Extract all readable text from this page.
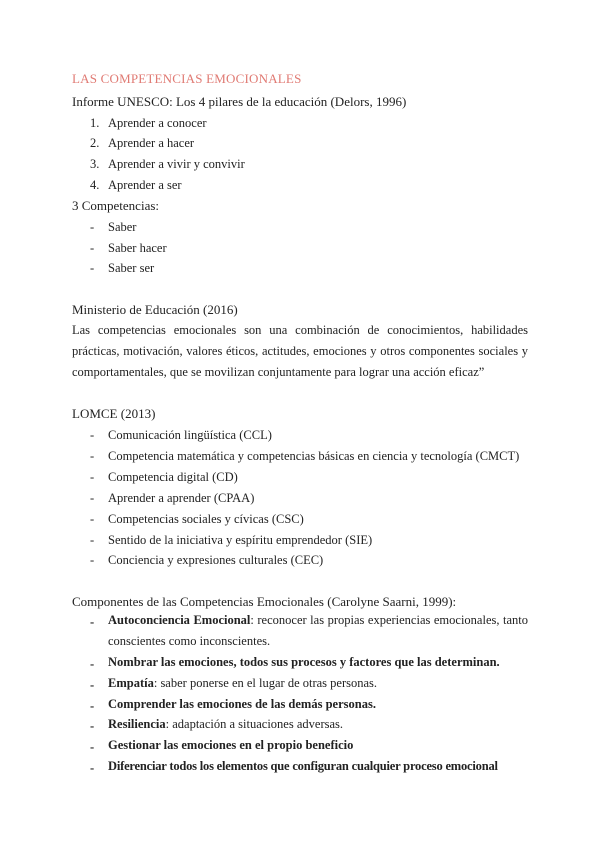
LAS COMPETENCIAS EMOCIONALES
Informe UNESCO: Los 4 pilares de la educación (Delors, 1996)
1. Aprender a conocer
2. Aprender a hacer
3. Aprender a vivir y convivir
4. Aprender a ser
3 Competencias:
- Saber
- Saber hacer
- Saber ser
Ministerio de Educación (2016)
Las competencias emocionales son una combinación de conocimientos, habilidades prácticas, motivación, valores éticos, actitudes, emociones y otros componentes sociales y comportamentales, que se movilizan conjuntamente para lograr una acción eficaz”
LOMCE (2013)
- Comunicación lingüística (CCL)
- Competencia matemática y competencias básicas en ciencia y tecnología (CMCT)
- Competencia digital (CD)
- Aprender a aprender (CPAA)
- Competencias sociales y cívicas (CSC)
- Sentido de la iniciativa y espíritu emprendedor (SIE)
- Conciencia y expresiones culturales (CEC)
Componentes de las Competencias Emocionales (Carolyne Saarni, 1999):
- Autoconciencia Emocional: reconocer las propias experiencias emocionales, tanto conscientes como inconscientes.
- Nombrar las emociones, todos sus procesos y factores que las determinan.
- Empatía: saber ponerse en el lugar de otras personas.
- Comprender las emociones de las demás personas.
- Resiliencia: adaptación a situaciones adversas.
- Gestionar las emociones en el propio beneficio
- Diferenciar todos los elementos que configuran cualquier proceso emocional
